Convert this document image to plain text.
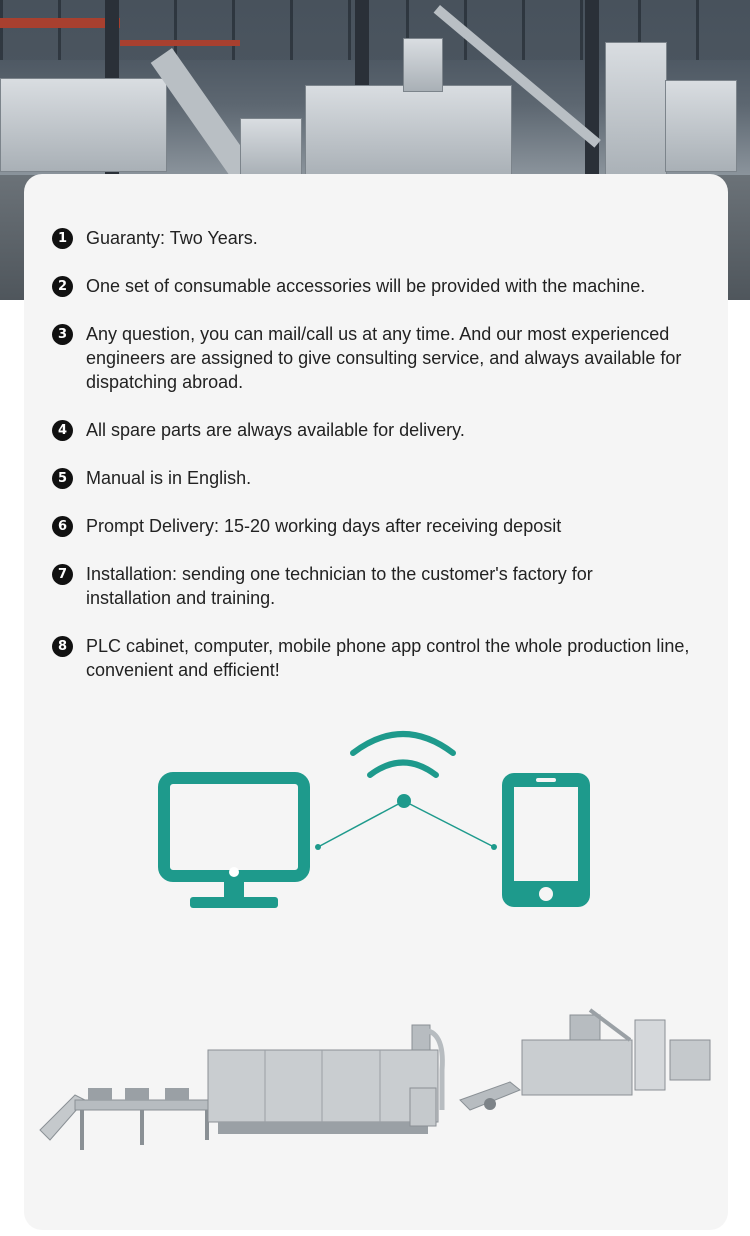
1	Guaranty: Two Years.
2	One set of consumable accessories will be provided with the machine.
3	Any question, you can mail/call us at any time. And our most experienced engineers are assigned to give consulting service, and always available for dispatching abroad.
4	All spare parts are always available for delivery.
5	Manual is in English.
6	Prompt Delivery: 15-20 working days after receiving deposit
7	Installation: sending one technician to the customer's factory for installation and training.
8	PLC cabinet, computer, mobile phone app control the whole production line, convenient and efficient!
